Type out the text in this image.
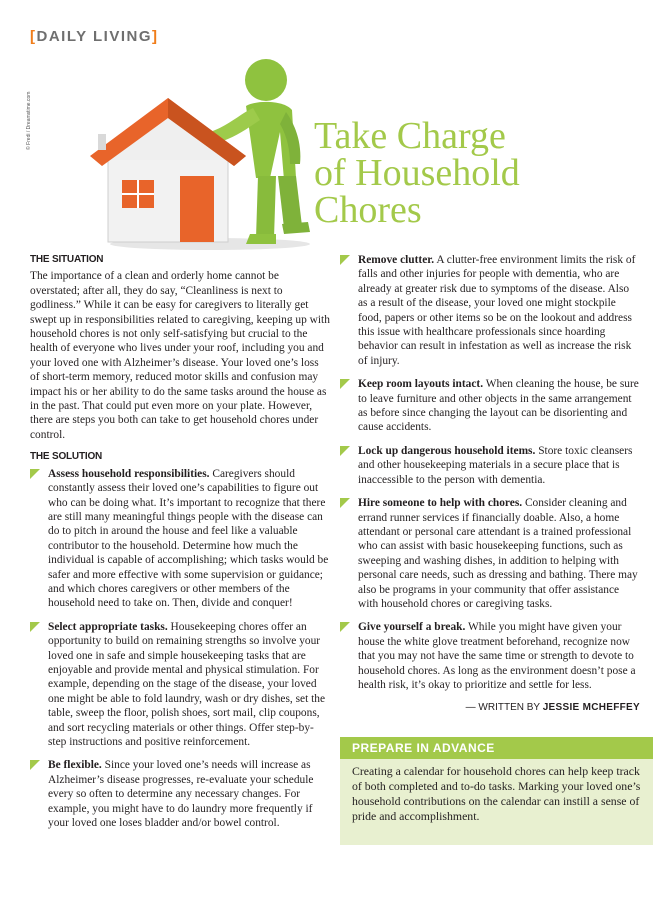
[DAILY LIVING]
© Fredi / Dreamstime.com	Take Charge
of Household
Chores
THE SITUATION

The importance of a clean and orderly home cannot be overstated; after all, they do say, “Cleanliness is next to godliness.” While it can be easy for caregivers to literally get swept up in responsibilities related to caregiving, keeping up with household chores is not only self-satisfying but crucial to the health of everyone who lives under your roof, including you and your loved one with Alzheimer’s disease. Your loved one’s loss of short-term memory, reduced motor skills and confusion may impact his or her ability to do the same tasks around the house as in the past. That could put even more on your plate. However, there are steps you both can take to get household chores under control.

THE SOLUTION
Assess household responsibilities. Caregivers should constantly assess their loved one’s capabilities to figure out who can be doing what. It’s important to recognize that there are still many meaningful things people with the disease can do to pitch in around the house and feel like a valuable contributor to the household. Determine how much the individual is capable of accomplishing; which tasks would be safer and more effective with some supervision or guidance; and which chores caregivers or other members of the household need to take on. Then, divide and conquer!
Select appropriate tasks. Housekeeping chores offer an opportunity to build on remaining strengths so involve your loved one in safe and simple housekeeping tasks that are enjoyable and provide mental and physical stimulation. For example, depending on the stage of the disease, your loved one might be able to fold laundry, wash or dry dishes, set the table, sweep the floor, polish shoes, sort mail, clip coupons, and sort recycling materials or other things. Offer step-by-step instructions and positive reinforcement.
Be flexible. Since your loved one’s needs will increase as Alzheimer’s disease progresses, re-evaluate your schedule every so often to determine any necessary changes. For example, you might have to do laundry more frequently if your loved one loses bladder and/or bowel control.
Remove clutter. A clutter-free environment limits the risk of falls and other injuries for people with dementia, who are already at greater risk due to symptoms of the disease. Also as a result of the disease, your loved one might stockpile food, papers or other items so be on the lookout and address this issue with healthcare professionals since hoarding behavior can result in infestation as well as increase the risk of injury.
Keep room layouts intact. When cleaning the house, be sure to leave furniture and other objects in the same arrangement as before since changing the layout can be disorienting and cause accidents.
Lock up dangerous household items. Store toxic cleansers and other housekeeping materials in a secure place that is inaccessible to the person with dementia.
Hire someone to help with chores. Consider cleaning and errand runner services if financially doable. Also, a home attendant or personal care attendant is a trained professional who can assist with basic housekeeping functions, such as sweeping and washing dishes, in addition to helping with personal care needs, such as dressing and bathing. There may also be programs in your community that offer assistance with household chores or caregiving tasks.
Give yourself a break. While you might have given your house the white glove treatment beforehand, recognize now that you may not have the same time or strength to devote to household chores. As long as the environment doesn’t pose a health risk, it’s okay to prioritize and settle for less.
— WRITTEN BY JESSIE MCHEFFEY
PREPARE IN ADVANCE
Creating a calendar for household chores can help keep track of both completed and to-do tasks. Marking your loved one’s household contributions on the calendar can instill a sense of pride and accomplishment.
